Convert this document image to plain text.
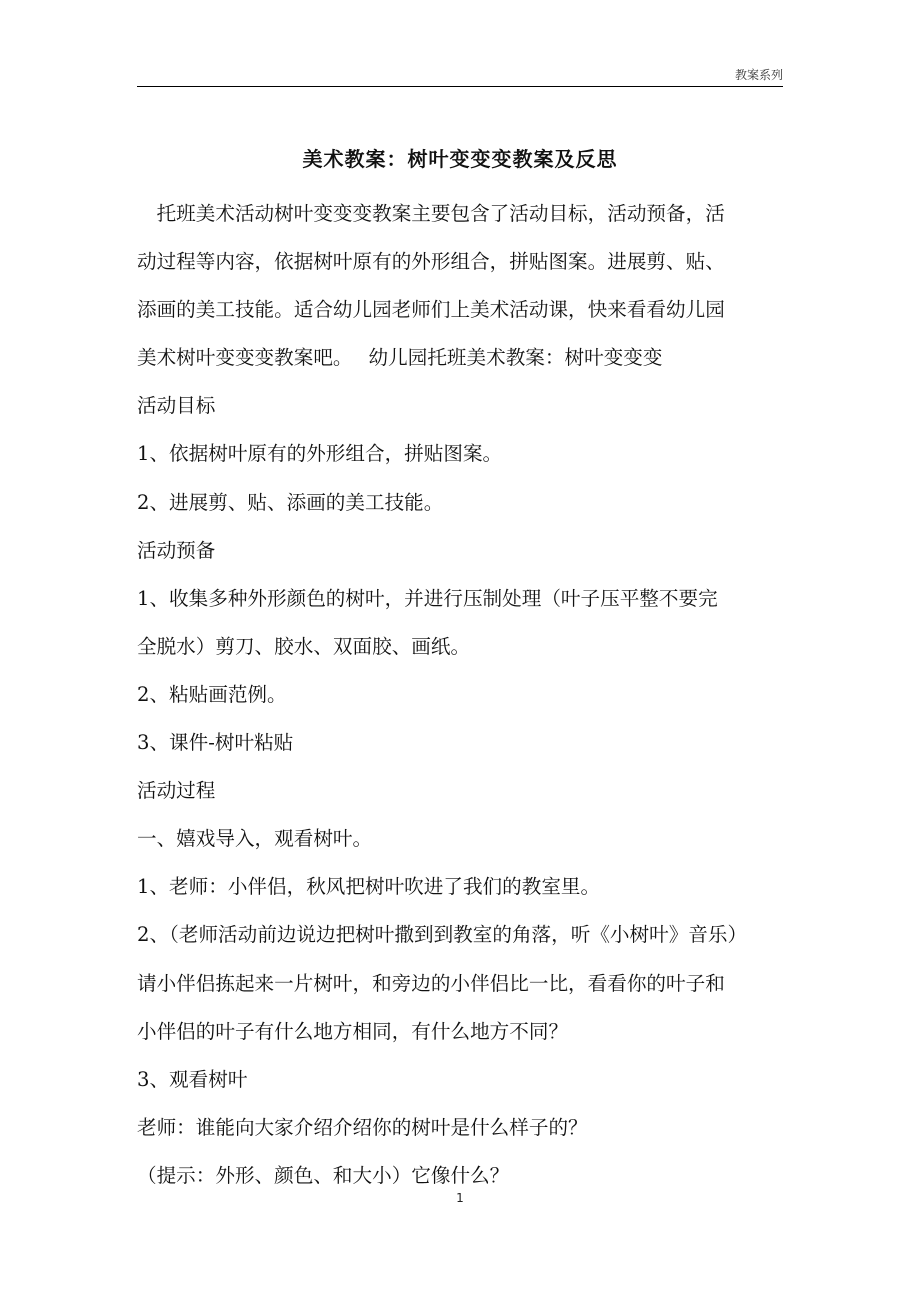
教案系列
美术教案：树叶变变变教案及反思

　托班美术活动树叶变变变教案主要包含了活动目标，活动预备，活

动过程等内容，依据树叶原有的外形组合，拼贴图案。进展剪、贴、

添画的美工技能。适合幼儿园老师们上美术活动课，快来看看幼儿园

美术树叶变变变教案吧。　 幼儿园托班美术教案：树叶变变变

活动目标

1、依据树叶原有的外形组合，拼贴图案。

2、进展剪、贴、添画的美工技能。

活动预备

1、收集多种外形颜色的树叶，并进行压制处理（叶子压平整不要完

全脱水）剪刀、胶水、双面胶、画纸。

2、粘贴画范例。

3、课件-树叶粘贴

活动过程

一、嬉戏导入，观看树叶。

1、老师：小伴侣，秋风把树叶吹进了我们的教室里。

2、（老师活动前边说边把树叶撒到到教室的角落，听《小树叶》音乐）

请小伴侣拣起来一片树叶，和旁边的小伴侣比一比，看看你的叶子和

小伴侣的叶子有什么地方相同，有什么地方不同？

3、观看树叶

老师：谁能向大家介绍介绍你的树叶是什么样子的？

（提示：外形、颜色、和大小）它像什么？

1
